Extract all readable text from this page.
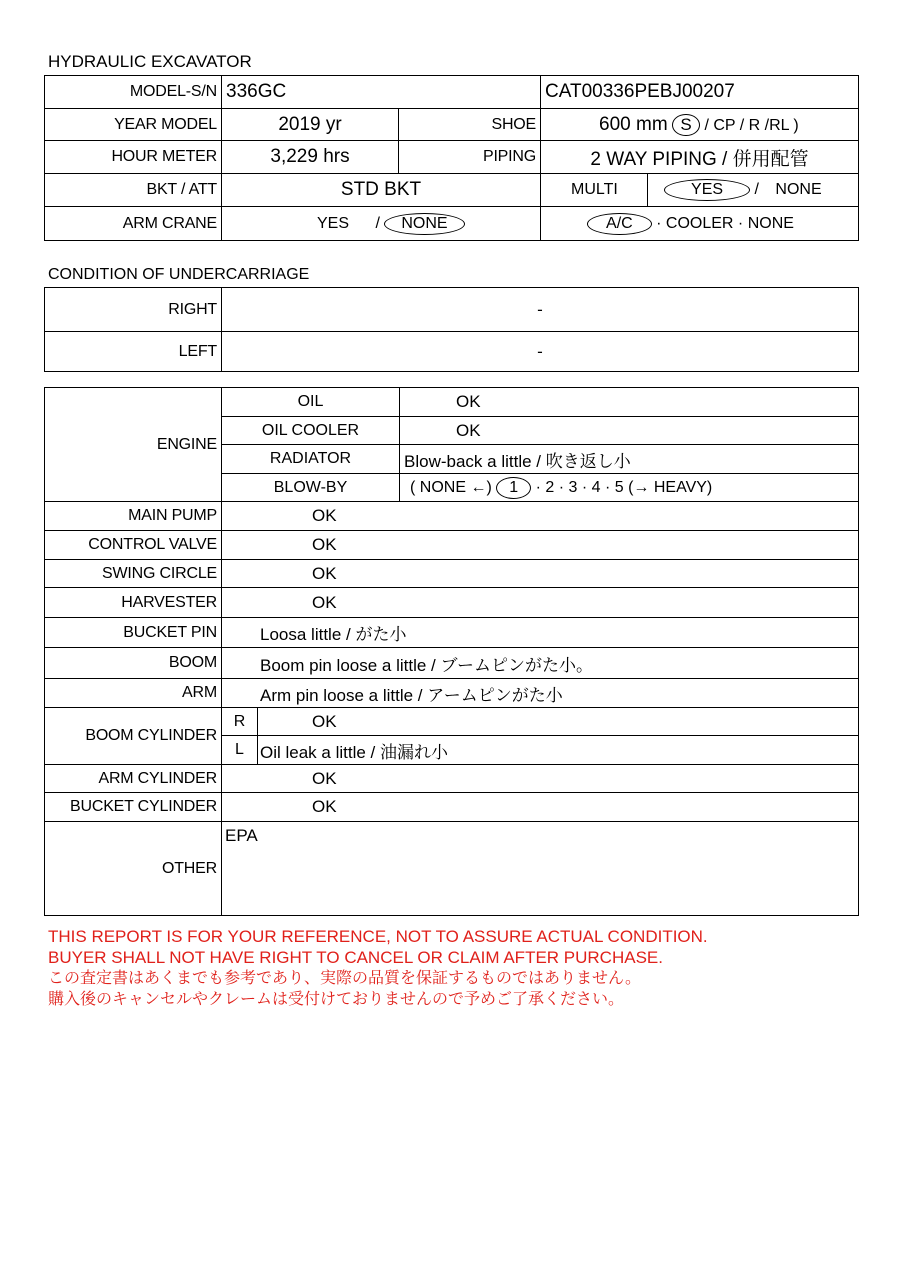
HYDRAULIC EXCAVATOR
MODEL-S/N	336GC		CAT00336PEBJ00207	
YEAR MODEL	2019 yr	SHOE	600 mm S / CP / R /RL )	
HOUR METER	3,229 hrs	PIPING	2 WAY PIPING / 併用配管	
BKT / ATT	STD BKT		MULTI	YES / NONE
ARM CRANE	YES / NONE		A/C · COOLER · NONE	
CONDITION OF UNDERCARRIAGE
RIGHT	-
LEFT	-
ENGINE	OIL		OK
	OIL COOLER		OK
	RADIATOR		Blow-back a little / 吹き返し小
	BLOW-BY		( NONE ←) 1 · 2 · 3 · 4 · 5 (→ HEAVY)
MAIN PUMP	OK		
CONTROL VALVE	OK		
SWING CIRCLE	OK		
HARVESTER	OK		
BUCKET PIN	Loosa little / がた小		
BOOM	Boom pin loose a little / ブームピンがた小。		
ARM	Arm pin loose a little / アームピンがた小		
BOOM CYLINDER	R	OK	
	L	Oil leak a little / 油漏れ小	
ARM CYLINDER	OK		
BUCKET CYLINDER	OK		
OTHER	EPA		
THIS REPORT IS FOR YOUR REFERENCE, NOT TO ASSURE ACTUAL CONDITION.
BUYER SHALL NOT HAVE RIGHT TO CANCEL OR CLAIM AFTER PURCHASE.
この査定書はあくまでも参考であり、実際の品質を保証するものではありません。
購入後のキャンセルやクレームは受付けておりませんので予めご了承ください。
